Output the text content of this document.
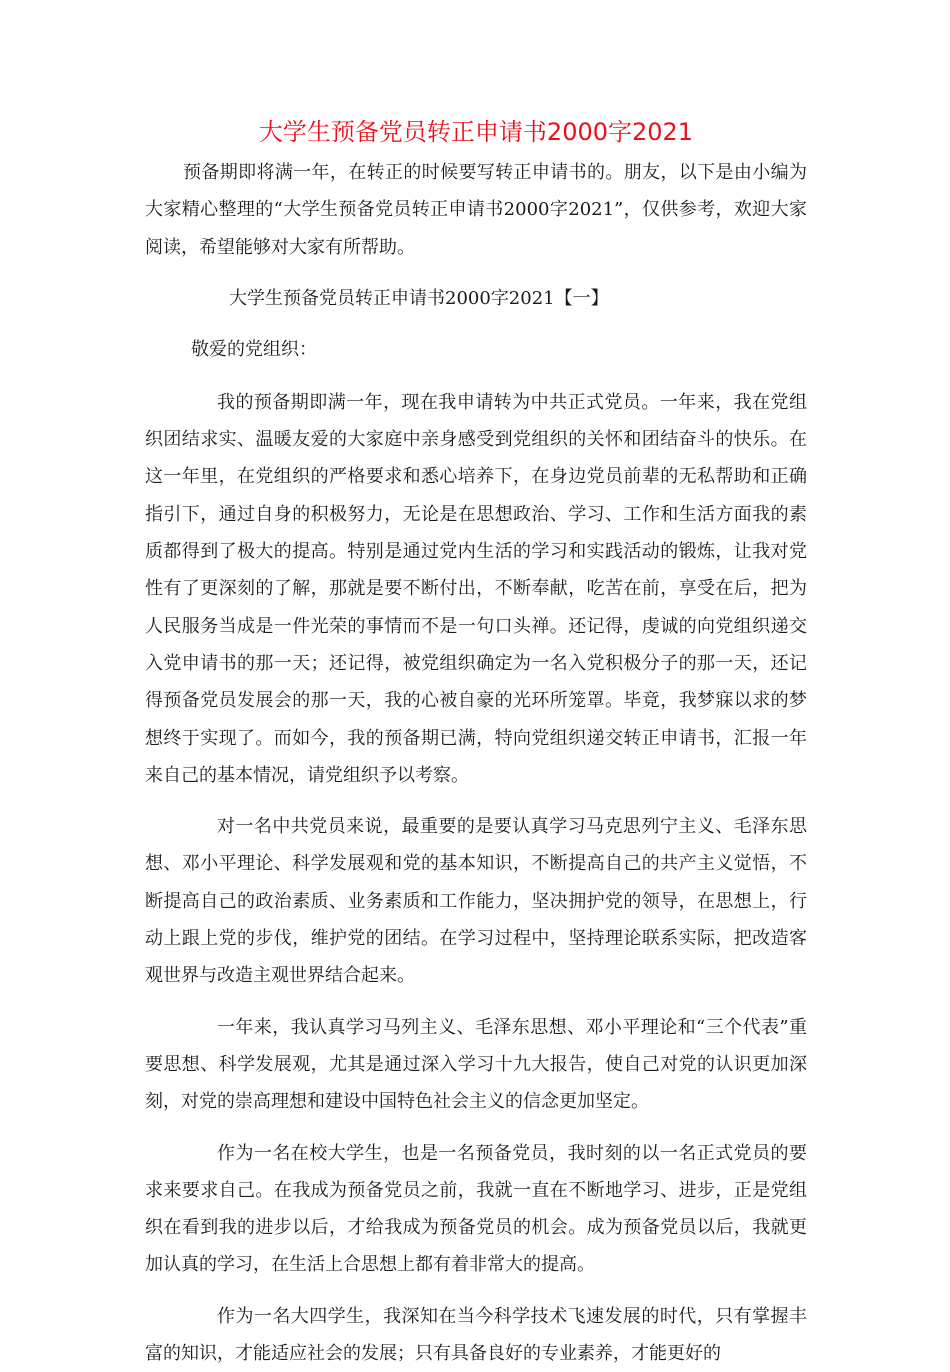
大学生预备党员转正申请书2000字2021

预备期即将满一年，在转正的时候要写转正申请书的。朋友，以下是由小编为大家精心整理的“大学生预备党员转正申请书2000字2021”，仅供参考，欢迎大家阅读，希望能够对大家有所帮助。

大学生预备党员转正申请书2000字2021【一】

敬爱的党组织：

我的预备期即满一年，现在我申请转为中共正式党员。一年来，我在党组织团结求实、温暖友爱的大家庭中亲身感受到党组织的关怀和团结奋斗的快乐。在这一年里，在党组织的严格要求和悉心培养下，在身边党员前辈的无私帮助和正确指引下，通过自身的积极努力，无论是在思想政治、学习、工作和生活方面我的素质都得到了极大的提高。特别是通过党内生活的学习和实践活动的锻炼，让我对党性有了更深刻的了解，那就是要不断付出，不断奉献，吃苦在前，享受在后，把为人民服务当成是一件光荣的事情而不是一句口头禅。还记得，虔诚的向党组织递交入党申请书的那一天；还记得，被党组织确定为一名入党积极分子的那一天，还记得预备党员发展会的那一天，我的心被自豪的光环所笼罩。毕竟，我梦寐以求的梦想终于实现了。而如今，我的预备期已满，特向党组织递交转正申请书，汇报一年来自己的基本情况，请党组织予以考察。

对一名中共党员来说，最重要的是要认真学习马克思列宁主义、毛泽东思想、邓小平理论、科学发展观和党的基本知识，不断提高自己的共产主义觉悟，不断提高自己的政治素质、业务素质和工作能力，坚决拥护党的领导，在思想上，行动上跟上党的步伐，维护党的团结。在学习过程中，坚持理论联系实际，把改造客观世界与改造主观世界结合起来。

一年来，我认真学习马列主义、毛泽东思想、邓小平理论和“三个代表”重要思想、科学发展观，尤其是通过深入学习十九大报告，使自己对党的认识更加深刻，对党的崇高理想和建设中国特色社会主义的信念更加坚定。

作为一名在校大学生，也是一名预备党员，我时刻的以一名正式党员的要求来要求自己。在我成为预备党员之前，我就一直在不断地学习、进步，正是党组织在看到我的进步以后，才给我成为预备党员的机会。成为预备党员以后，我就更加认真的学习，在生活上合思想上都有着非常大的提高。

作为一名大四学生，我深知在当今科学技术飞速发展的时代，只有掌握丰富的知识，才能适应社会的发展；只有具备良好的专业素养，才能更好的
